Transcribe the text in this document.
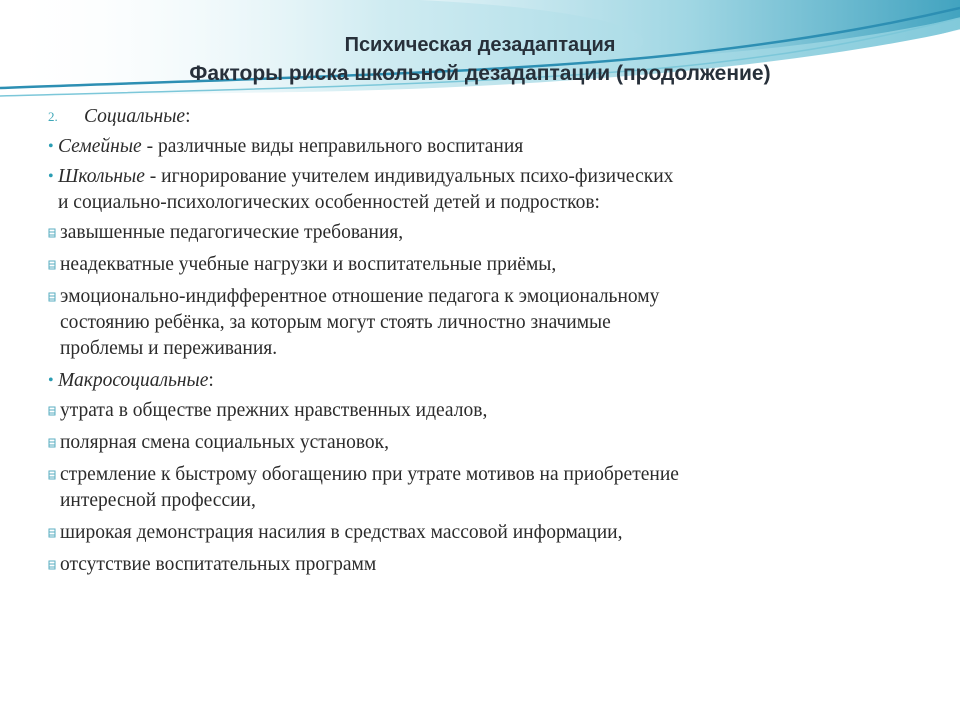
Психическая дезадаптация
Факторы риска школьной дезадаптации (продолжение)
2. Социальные:
• Семейные - различные виды неправильного воспитания
• Школьные - игнорирование учителем индивидуальных психо-физических
и социально-психологических особенностей детей и подростков:
завышенные педагогические требования,
неадекватные учебные нагрузки и воспитательные приёмы,
эмоционально-индифферентное отношение педагога к эмоциональному
состоянию ребёнка, за которым могут стоять личностно значимые
проблемы и переживания.
• Макросоциальные:
утрата в обществе прежних нравственных идеалов,
полярная смена социальных установок,
стремление к быстрому обогащению при утрате мотивов на приобретение
интересной профессии,
широкая демонстрация насилия в средствах массовой информации,
отсутствие воспитательных программ
